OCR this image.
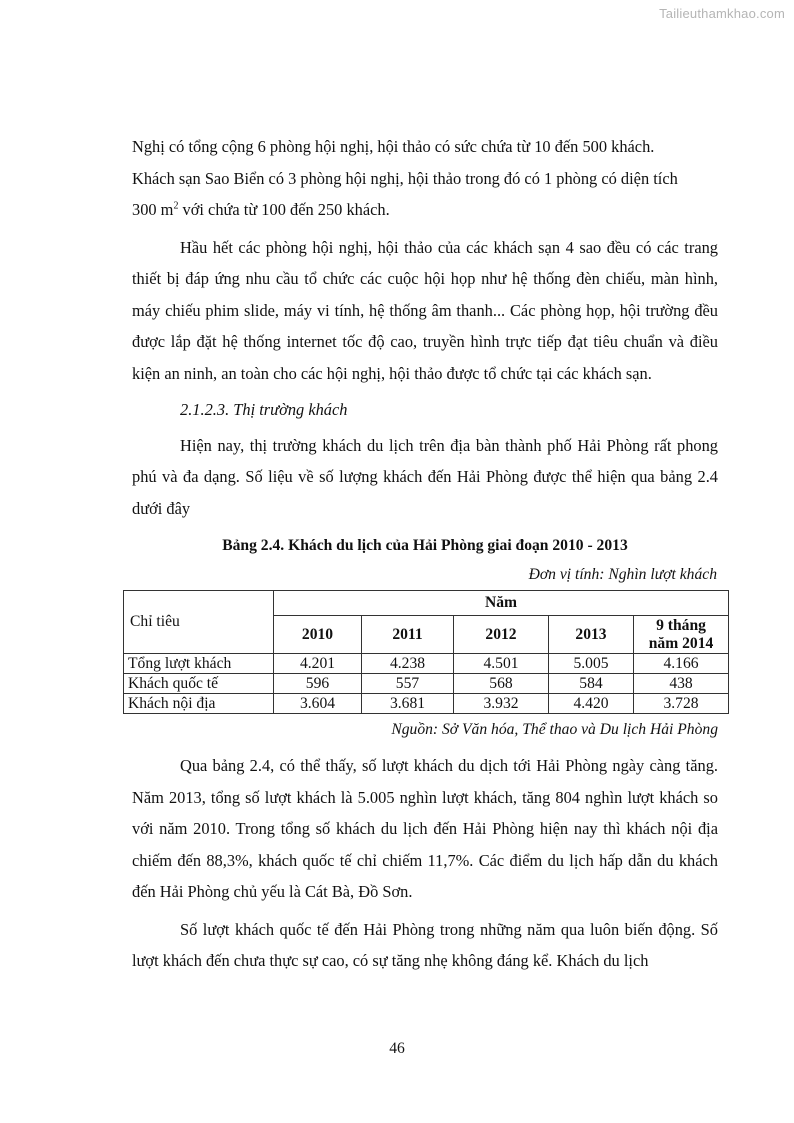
Tailieuthamkhao.com

Nghị có tổng cộng 6 phòng hội nghị, hội thảo có sức chứa từ 10 đến 500 khách.
Khách sạn Sao Biển có 3 phòng hội nghị, hội thảo trong đó có 1 phòng có diện tích
300 $m^2$ với chứa từ 100 đến 250 khách.

Hầu hết các phòng hội nghị, hội thảo của các khách sạn 4 sao đều có các trang thiết bị đáp ứng nhu cầu tổ chức các cuộc hội họp như hệ thống đèn chiếu, màn hình, máy chiếu phim slide, máy vi tính, hệ thống âm thanh... Các phòng họp, hội trường đều được lắp đặt hệ thống internet tốc độ cao, truyền hình trực tiếp đạt tiêu chuẩn và điều kiện an ninh, an toàn cho các hội nghị, hội thảo được tổ chức tại các khách sạn.

2.1.2.3. Thị trường khách

Hiện nay, thị trường khách du lịch trên địa bàn thành phố Hải Phòng rất phong phú và đa dạng. Số liệu về số lượng khách đến Hải Phòng được thể hiện qua bảng 2.4 dưới đây

Bảng 2.4. Khách du lịch của Hải Phòng giai đoạn 2010 - 2013

Đơn vị tính: Nghìn lượt khách

Chỉ tiêu	Năm				
	2010	2011	2012	2013	9 tháng
năm 2014
Tổng lượt khách	4.201	4.238	4.501	5.005	4.166
Khách quốc tế	596	557	568	584	438
Khách nội địa	3.604	3.681	3.932	4.420	3.728

Nguồn: Sở Văn hóa, Thể thao và Du lịch Hải Phòng

Qua bảng 2.4, có thể thấy, số lượt khách du dịch tới Hải Phòng ngày càng tăng. Năm 2013, tổng số lượt khách là 5.005 nghìn lượt khách, tăng 804 nghìn lượt khách so với năm 2010. Trong tổng số khách du lịch đến Hải Phòng hiện nay thì khách nội địa chiếm đến 88,3%, khách quốc tế chỉ chiếm 11,7%. Các điểm du lịch hấp dẫn du khách đến Hải Phòng chủ yếu là Cát Bà, Đồ Sơn.

Số lượt khách quốc tế đến Hải Phòng trong những năm qua luôn biến động. Số lượt khách đến chưa thực sự cao, có sự tăng nhẹ không đáng kể. Khách du lịch

46
